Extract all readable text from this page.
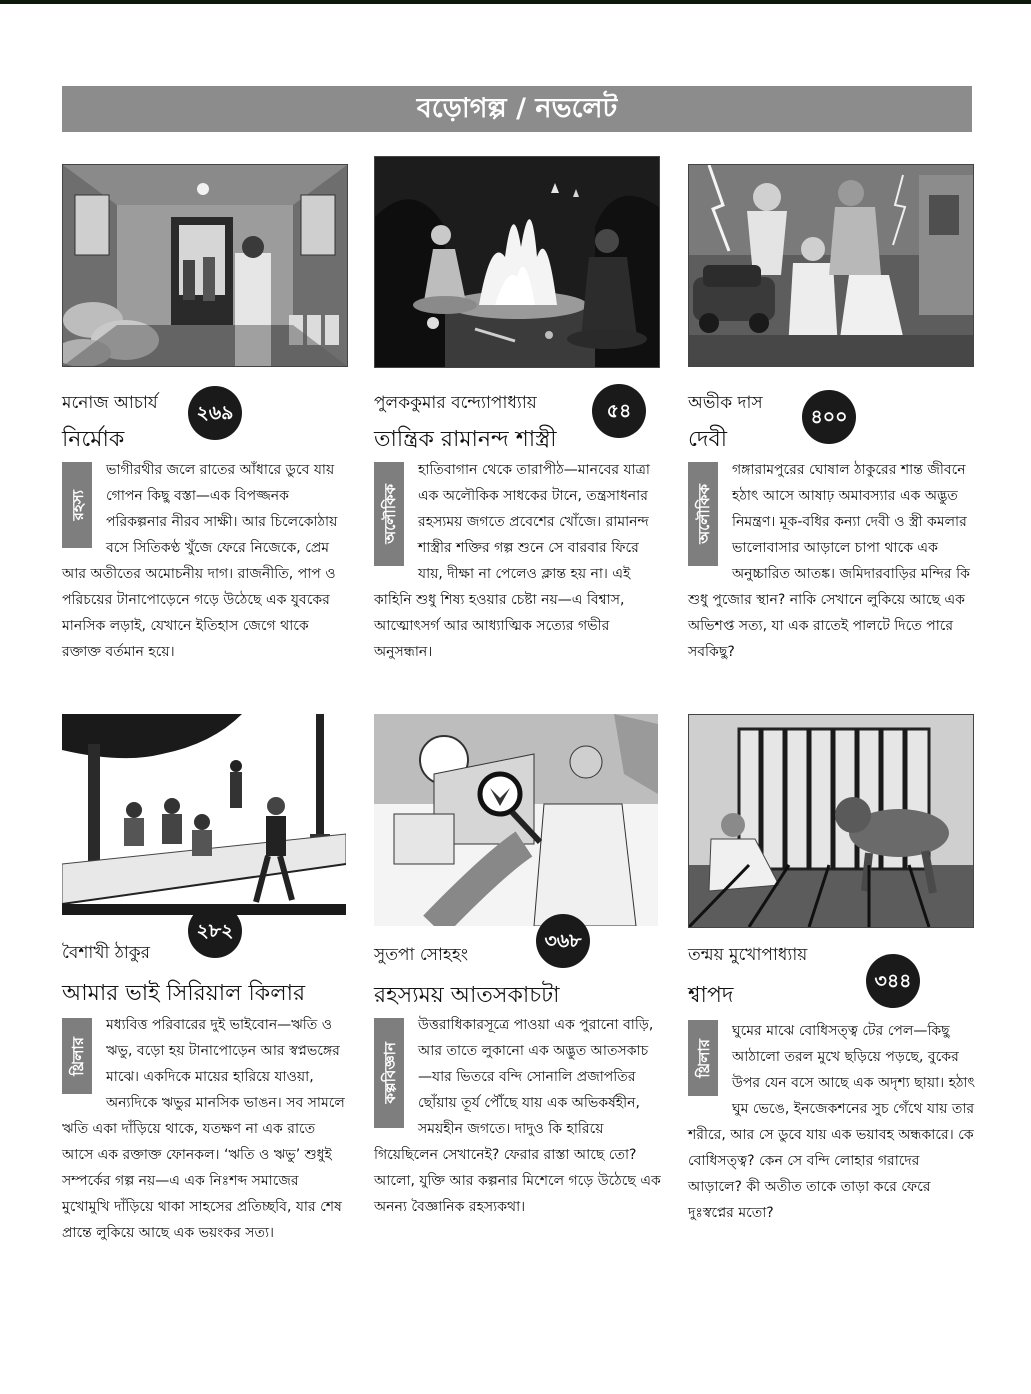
বড়োগল্প / নভলেট
মনোজ আচার্য
নির্মোক
২৬৯
রহস্য

ভাগীরথীর জলে রাতের আঁধারে ডুবে যায় গোপন কিছু বস্তা—এক বিপজ্জনক পরিকল্পনার নীরব সাক্ষী। আর চিলেকোঠায় বসে সিতিকণ্ঠ খুঁজে ফেরে নিজেকে, প্রেম আর অতীতের অমোচনীয় দাগ। রাজনীতি, পাপ ও পরিচয়ের টানাপোড়েনে গড়ে উঠেছে এক যুবকের মানসিক লড়াই, যেখানে ইতিহাস জেগে থাকে রক্তাক্ত বর্তমান হয়ে।

পুলককুমার বন্দ্যোপাধ্যায়
তান্ত্রিক রামানন্দ শাস্ত্রী
৫৪
অলৌকিক

হাতিবাগান থেকে তারাপীঠ—মানবের যাত্রা এক অলৌকিক সাধকের টানে, তন্ত্রসাধনার রহস্যময় জগতে প্রবেশের খোঁজে। রামানন্দ শাস্ত্রীর শক্তির গল্প শুনে সে বারবার ফিরে যায়, দীক্ষা না পেলেও ক্লান্ত হয় না। এই কাহিনি শুধু শিষ্য হওয়ার চেষ্টা নয়—এ বিশ্বাস, আত্মোৎসর্গ আর আধ্যাত্মিক সত্যের গভীর অনুসন্ধান।

অভীক দাস
দেবী
৪০০
অলৌকিক

গঙ্গারামপুরের ঘোষাল ঠাকুরের শান্ত জীবনে হঠাৎ আসে আষাঢ় অমাবস্যার এক অদ্ভুত নিমন্ত্রণ। মূক-বধির কন্যা দেবী ও স্ত্রী কমলার ভালোবাসার আড়ালে চাপা থাকে এক অনুচ্চারিত আতঙ্ক। জমিদারবাড়ির মন্দির কি শুধু পুজোর স্থান? নাকি সেখানে লুকিয়ে আছে এক অভিশপ্ত সত্য, যা এক রাতেই পালটে দিতে পারে সবকিছু?

বৈশাখী ঠাকুর
আমার ভাই সিরিয়াল কিলার
২৮২
থ্রিলার

মধ্যবিত্ত পরিবারের দুই ভাইবোন—ঋতি ও ঋভু, বড়ো হয় টানাপোড়েন আর স্বপ্নভঙ্গের মাঝে। একদিকে মায়ের হারিয়ে যাওয়া, অন্যদিকে ঋভুর মানসিক ভাঙন। সব সামলে ঋতি একা দাঁড়িয়ে থাকে, যতক্ষণ না এক রাতে আসে এক রক্তাক্ত ফোনকল। ‘ঋতি ও ঋভু’ শুধুই সম্পর্কের গল্প নয়—এ এক নিঃশব্দ সমাজের মুখোমুখি দাঁড়িয়ে থাকা সাহসের প্রতিচ্ছবি, যার শেষ প্রান্তে লুকিয়ে আছে এক ভয়ংকর সত্য।

সুতপা সোহহং
রহস্যময় আতসকাচটা
৩৬৮
কল্পবিজ্ঞান

উত্তরাধিকারসূত্রে পাওয়া এক পুরানো বাড়ি, আর তাতে লুকানো এক অদ্ভুত আতসকাচ—যার ভিতরে বন্দি সোনালি প্রজাপতির ছোঁয়ায় তূর্য পৌঁছে যায় এক অভিকর্ষহীন, সময়হীন জগতে। দাদুও কি হারিয়ে গিয়েছিলেন সেখানেই? ফেরার রাস্তা আছে তো? আলো, যুক্তি আর কল্পনার মিশেলে গড়ে উঠেছে এক অনন্য বৈজ্ঞানিক রহস্যকথা।

তন্ময় মুখোপাধ্যায়
শ্বাপদ
৩৪৪
থ্রিলার

ঘুমের মাঝে বোধিসত্ত্ব টের পেল—কিছু আঠালো তরল মুখে ছড়িয়ে পড়ছে, বুকের উপর যেন বসে আছে এক অদৃশ্য ছায়া। হঠাৎ ঘুম ভেঙে, ইনজেকশনের সুচ গেঁথে যায় তার শরীরে, আর সে ডুবে যায় এক ভয়াবহ অন্ধকারে। কে বোধিসত্ত্ব? কেন সে বন্দি লোহার গরাদের আড়ালে? কী অতীত তাকে তাড়া করে ফেরে দুঃস্বপ্নের মতো?
